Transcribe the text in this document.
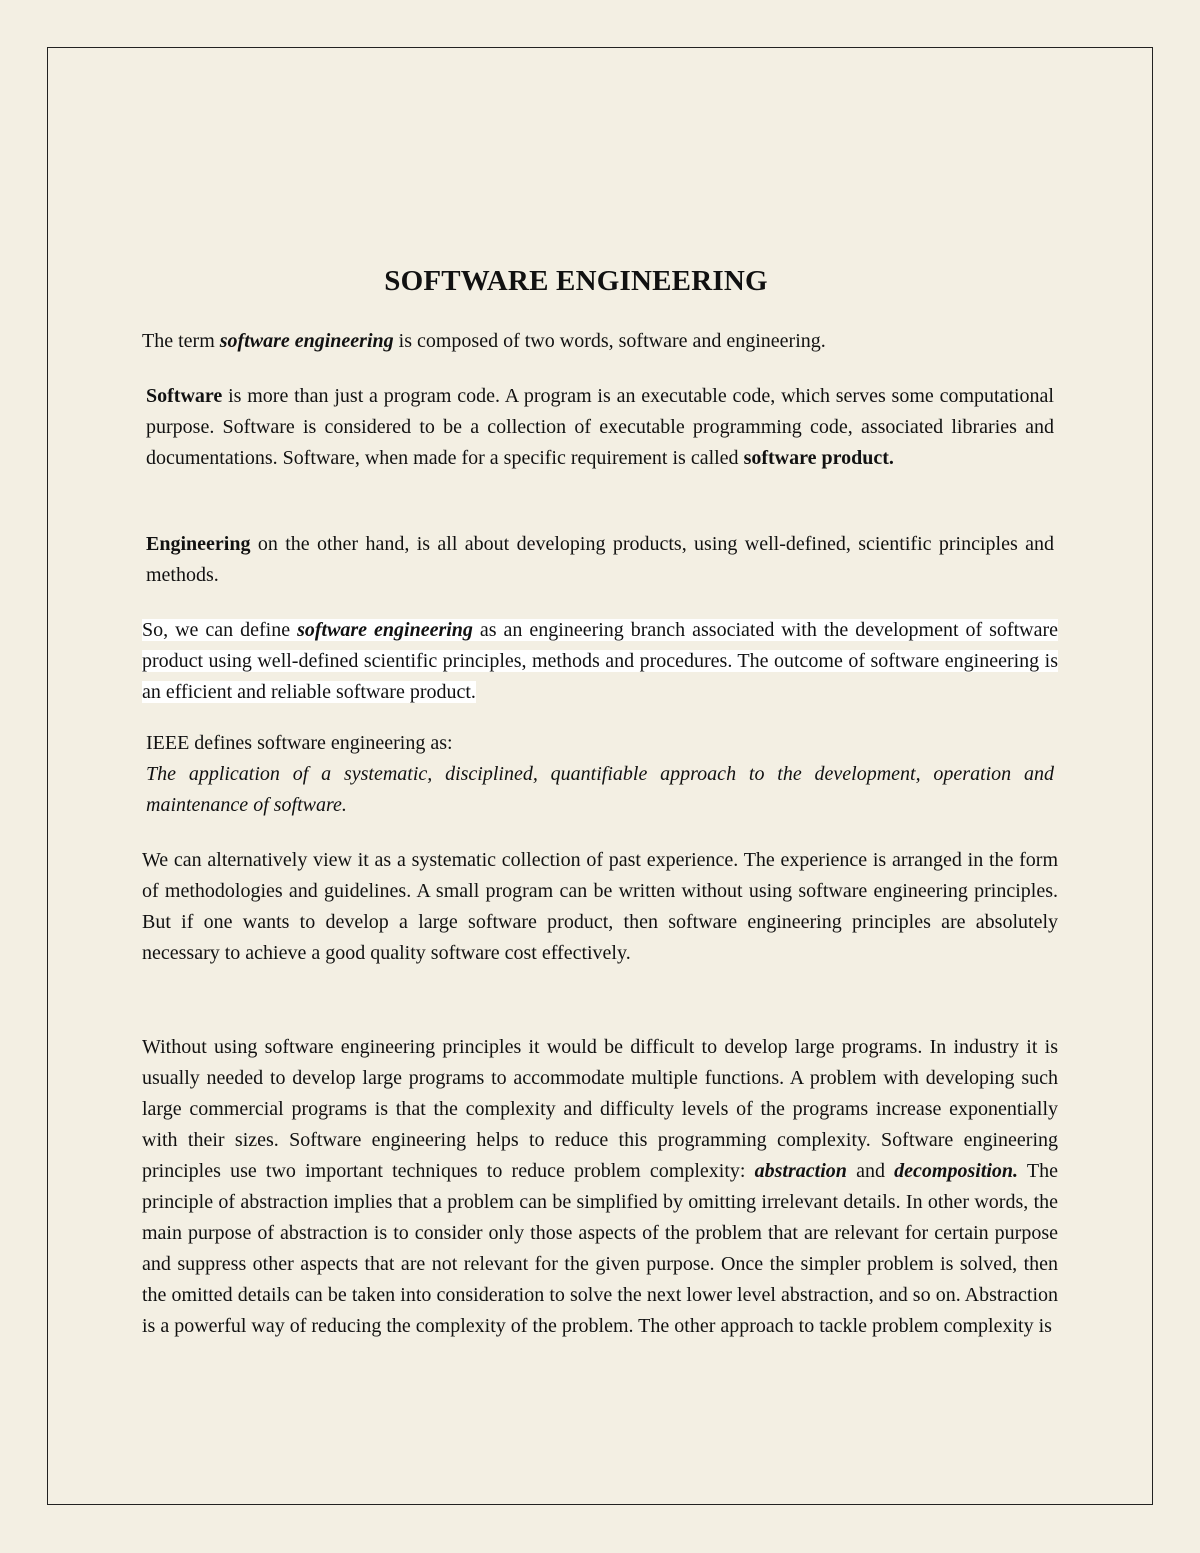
SOFTWARE ENGINEERING

The term software engineering is composed of two words, software and engineering.

Software is more than just a program code. A program is an executable code, which serves some computational purpose. Software is considered to be a collection of executable programming code, associated libraries and documentations. Software, when made for a specific requirement is called software product.

Engineering on the other hand, is all about developing products, using well-defined, scientific principles and methods.

So, we can define software engineering as an engineering branch associated with the development of software product using well-defined scientific principles, methods and procedures. The outcome of software engineering is an efficient and reliable software product.

IEEE defines software engineering as:

The application of a systematic, disciplined, quantifiable approach to the development, operation and maintenance of software.

We can alternatively view it as a systematic collection of past experience. The experience is arranged in the form of methodologies and guidelines. A small program can be written without using software engineering principles. But if one wants to develop a large software product, then software engineering principles are absolutely necessary to achieve a good quality software cost effectively.

Without using software engineering principles it would be difficult to develop large programs. In industry it is usually needed to develop large programs to accommodate multiple functions. A problem with developing such large commercial programs is that the complexity and difficulty levels of the programs increase exponentially with their sizes. Software engineering helps to reduce this programming complexity. Software engineering principles use two important techniques to reduce problem complexity: abstraction and decomposition. The principle of abstraction implies that a problem can be simplified by omitting irrelevant details. In other words, the main purpose of abstraction is to consider only those aspects of the problem that are relevant for certain purpose and suppress other aspects that are not relevant for the given purpose. Once the simpler problem is solved, then the omitted details can be taken into consideration to solve the next lower level abstraction, and so on. Abstraction is a powerful way of reducing the complexity of the problem. The other approach to tackle problem complexity is
